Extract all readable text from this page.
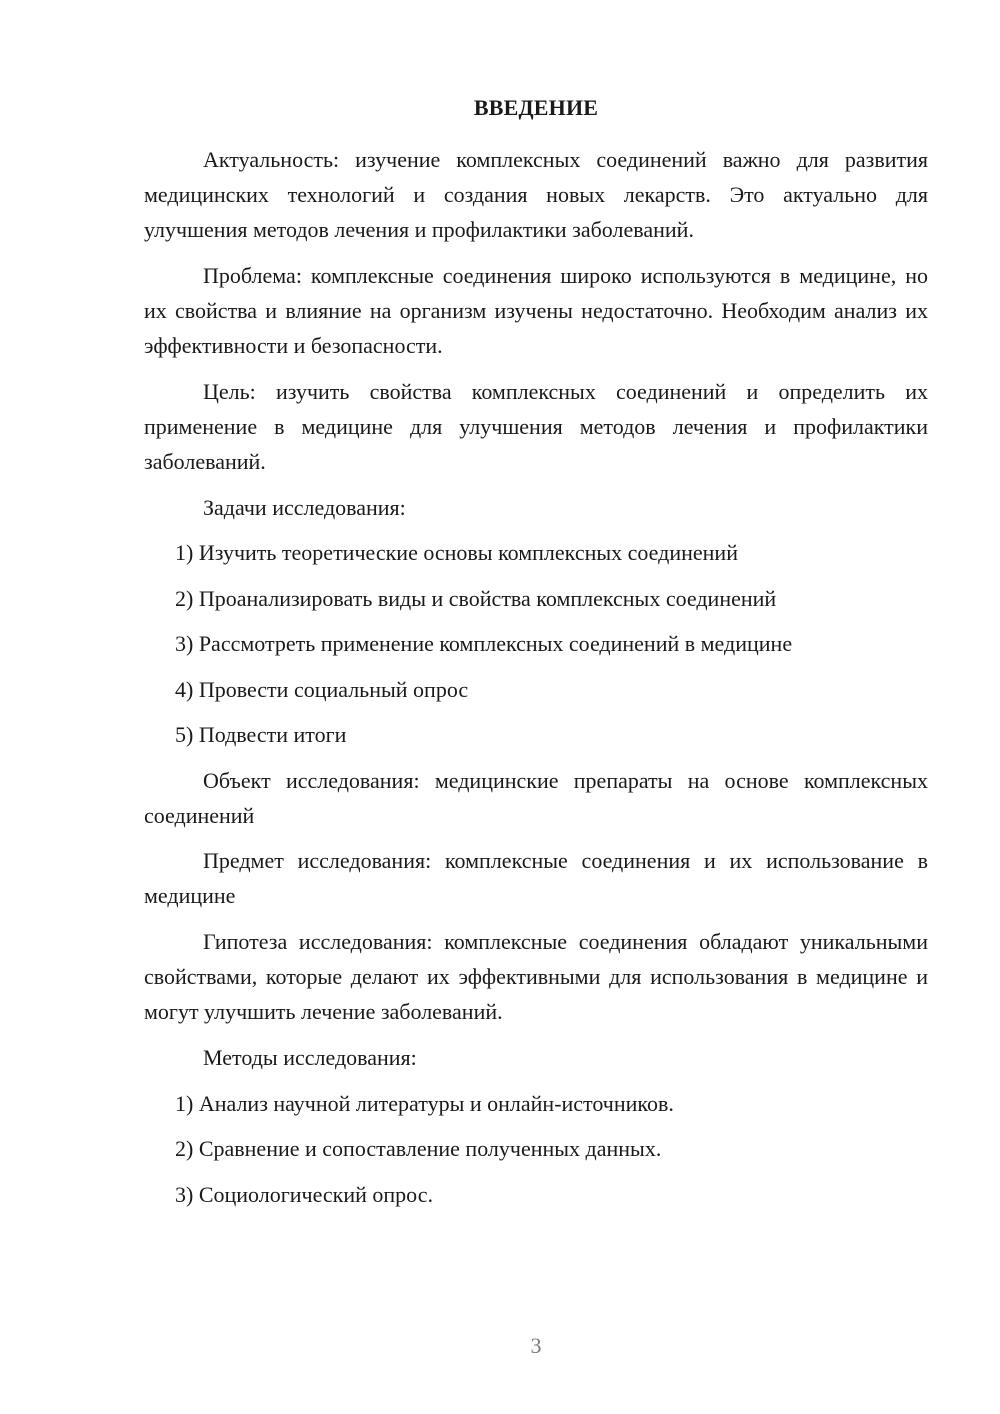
ВВЕДЕНИЕ
Актуальность: изучение комплексных соединений важно для развития медицинских технологий и создания новых лекарств. Это актуально для улучшения методов лечения и профилактики заболеваний.
Проблема: комплексные соединения широко используются в медицине, но их свойства и влияние на организм изучены недостаточно. Необходим анализ их эффективности и безопасности.
Цель: изучить свойства комплексных соединений и определить их применение в медицине для улучшения методов лечения и профилактики заболеваний.
Задачи исследования:
1) Изучить теоретические основы комплексных соединений
2) Проанализировать виды и свойства комплексных соединений
3) Рассмотреть применение комплексных соединений в медицине
4) Провести социальный опрос
5) Подвести итоги
Объект исследования: медицинские препараты на основе комплексных соединений
Предмет исследования: комплексные соединения и их использование в медицине
Гипотеза исследования: комплексные соединения обладают уникальными свойствами, которые делают их эффективными для использования в медицине и могут улучшить лечение заболеваний.
Методы исследования:
1) Анализ научной литературы и онлайн-источников.
2) Сравнение и сопоставление полученных данных.
3) Социологический опрос.
3
